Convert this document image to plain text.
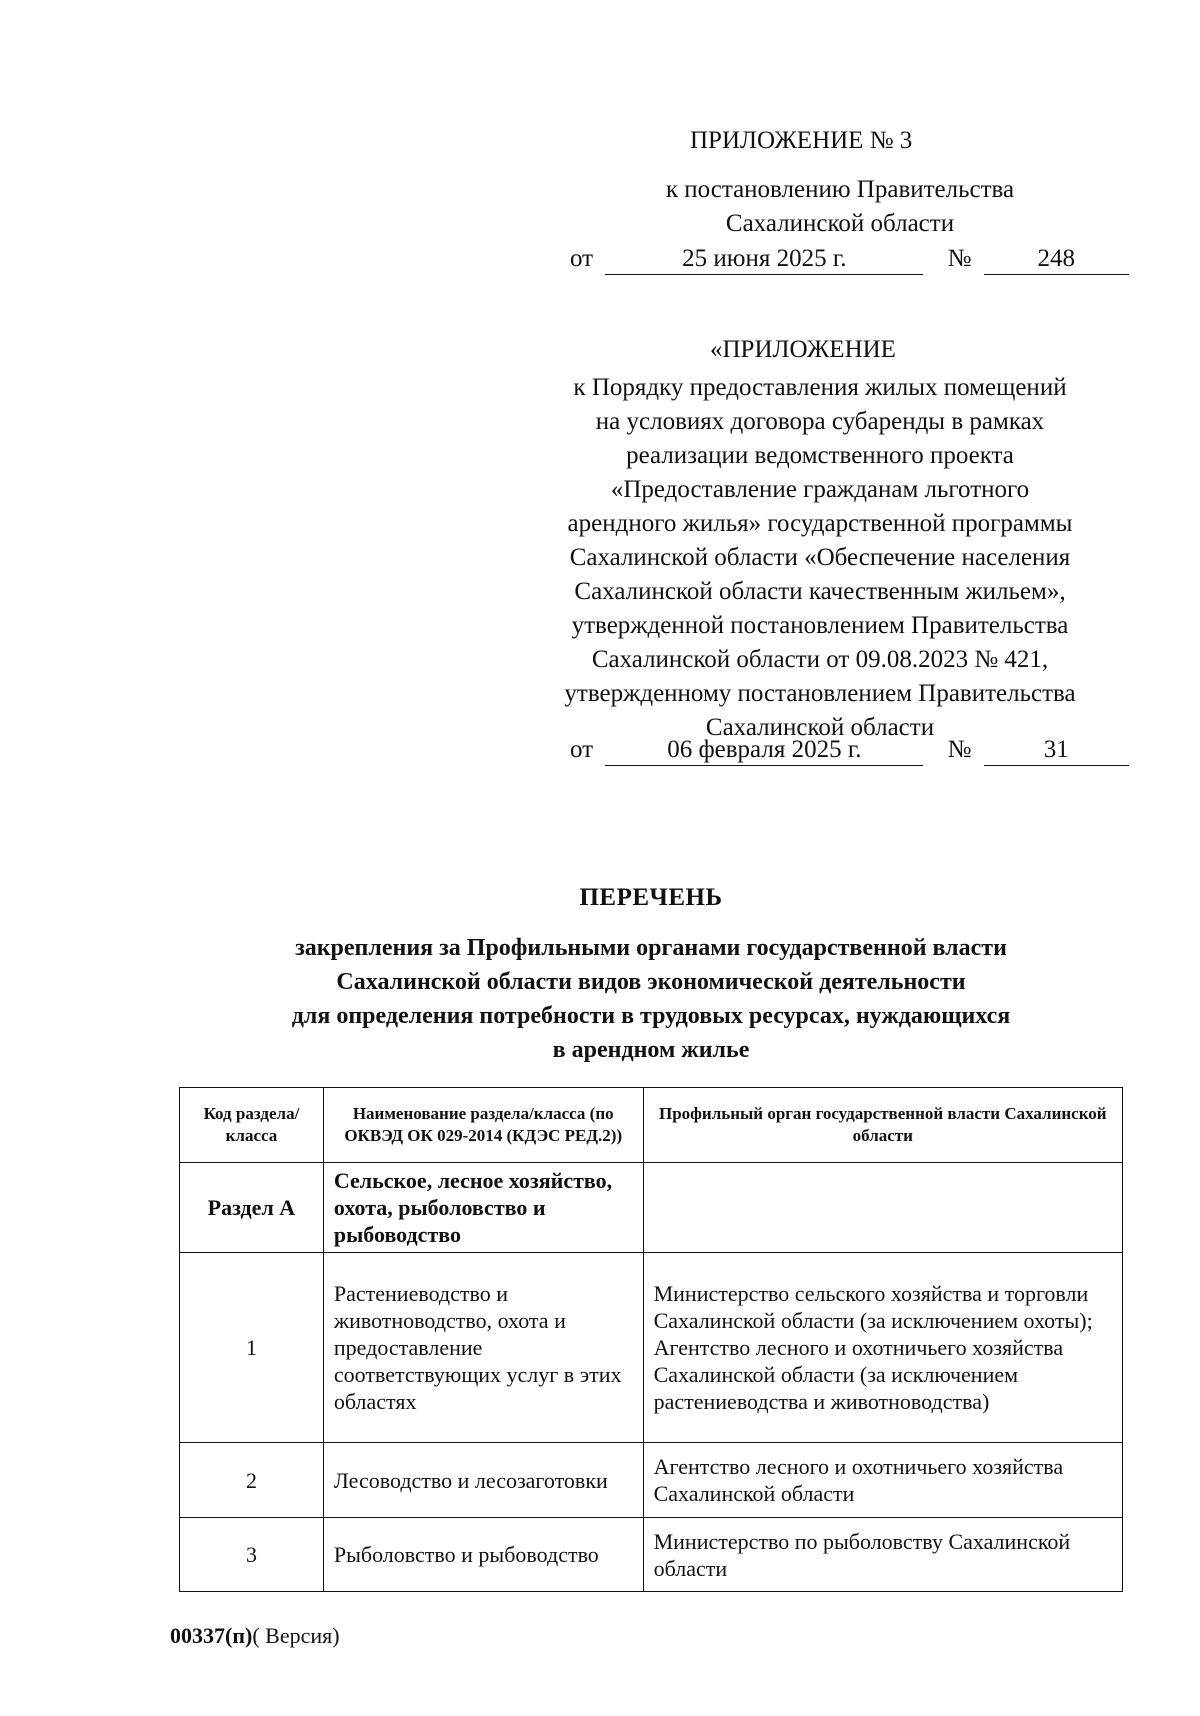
ПРИЛОЖЕНИЕ № 3
к постановлению Правительства
Сахалинской области
от	25 июня 2025 г.	№	248
«ПРИЛОЖЕНИЕ
к Порядку предоставления жилых помещений
на условиях договора субаренды в рамках
реализации ведомственного проекта
«Предоставление гражданам льготного
арендного жилья» государственной программы
Сахалинской области «Обеспечение населения
Сахалинской области качественным жильем»,
утвержденной постановлением Правительства
Сахалинской области от 09.08.2023 № 421,
утвержденному постановлением Правительства
Сахалинской области
от	06 февраля 2025 г.	№	31
ПЕРЕЧЕНЬ
закрепления за Профильными органами государственной власти
Сахалинской области видов экономической деятельности
для определения потребности в трудовых ресурсах, нуждающихся
в арендном жилье
Код раздела/ класса	Наименование раздела/класса (по ОКВЭД ОК 029-2014 (КДЭС РЕД.2))	Профильный орган государственной власти Сахалинской области
Раздел А	Сельское, лесное хозяйство, охота, рыболовство и рыбоводство	
1	Растениеводство и животноводство, охота и предоставление соответствующих услуг в этих областях	Министерство сельского хозяйства и торговли Сахалинской области (за исключением охоты); Агентство лесного и охотничьего хозяйства Сахалинской области (за исключением растениеводства и животноводства)
2	Лесоводство и лесозаготовки	Агентство лесного и охотничьего хозяйства Сахалинской области
3	Рыболовство и рыбоводство	Министерство по рыболовству Сахалинской области
00337(п)( Версия)
